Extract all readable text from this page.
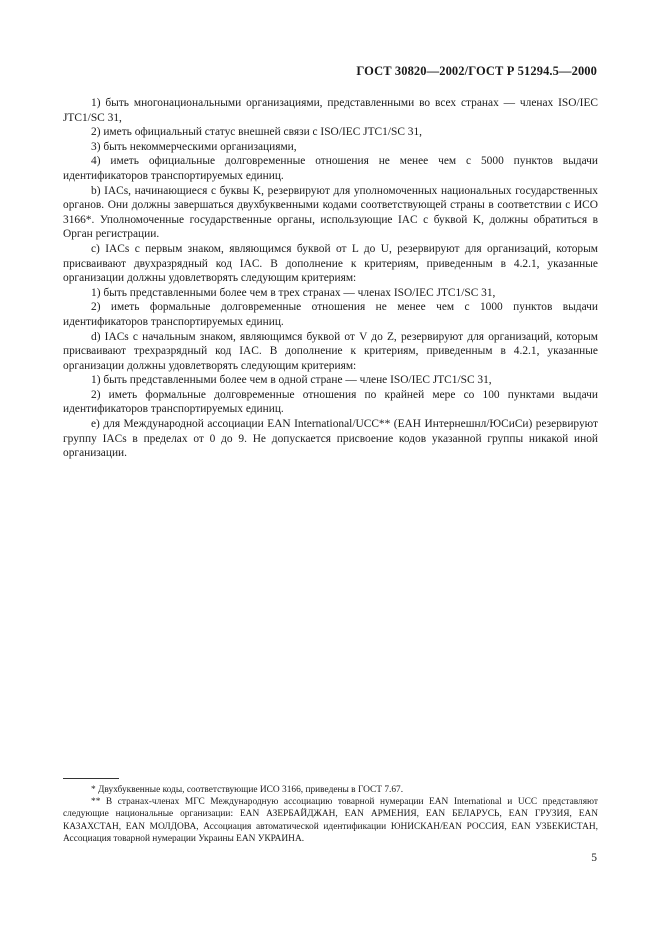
ГОСТ 30820—2002/ГОСТ Р 51294.5—2000

1) быть многонациональными организациями, представленными во всех странах — членах ISO/IEC JTC1/SC 31,

2) иметь официальный статус внешней связи с ISO/IEC JTC1/SC 31,

3) быть некоммерческими организациями,

4) иметь официальные долговременные отношения не менее чем с 5000 пунктов выдачи идентификаторов транспортируемых единиц.

b) IACs, начинающиеся с буквы K, резервируют для уполномоченных национальных государственных органов. Они должны завершаться двухбуквенными кодами соответствующей страны в соответствии с ИСО 3166*. Уполномоченные государственные органы, использующие IAC с буквой K, должны обратиться в Орган регистрации.

c) IACs с первым знаком, являющимся буквой от L до U, резервируют для организаций, которым присваивают двухразрядный код IAC. В дополнение к критериям, приведенным в 4.2.1, указанные организации должны удовлетворять следующим критериям:

1) быть представленными более чем в трех странах — членах ISO/IEC JTC1/SC 31,

2) иметь формальные долговременные отношения не менее чем с 1000 пунктов выдачи идентификаторов транспортируемых единиц.

d) IACs с начальным знаком, являющимся буквой от V до Z, резервируют для организаций, которым присваивают трехразрядный код IAC. В дополнение к критериям, приведенным в 4.2.1, указанные организации должны удовлетворять следующим критериям:

1) быть представленными более чем в одной стране — члене ISO/IEC JTC1/SC 31,

2) иметь формальные долговременные отношения по крайней мере со 100 пунктами выдачи идентификаторов транспортируемых единиц.

e) для Международной ассоциации EAN International/UCC** (ЕАН Интернешнл/ЮСиСи) резервируют группу IACs в пределах от 0 до 9. Не допускается присвоение кодов указанной группы никакой иной организации.

* Двухбуквенные коды, соответствующие ИСО 3166, приведены в ГОСТ 7.67.

** В странах-членах МГС Международную ассоциацию товарной нумерации EAN International и UCC представляют следующие национальные организации: EAN АЗЕРБАЙДЖАН, EAN АРМЕНИЯ, EAN БЕЛАРУСЬ, EAN ГРУЗИЯ, EAN КАЗАХСТАН, EAN МОЛДОВА, Ассоциация автоматической идентификации ЮНИСКАН/EAN РОССИЯ, EAN УЗБЕКИСТАН, Ассоциация товарной нумерации Украины EAN УКРАИНА.

5
